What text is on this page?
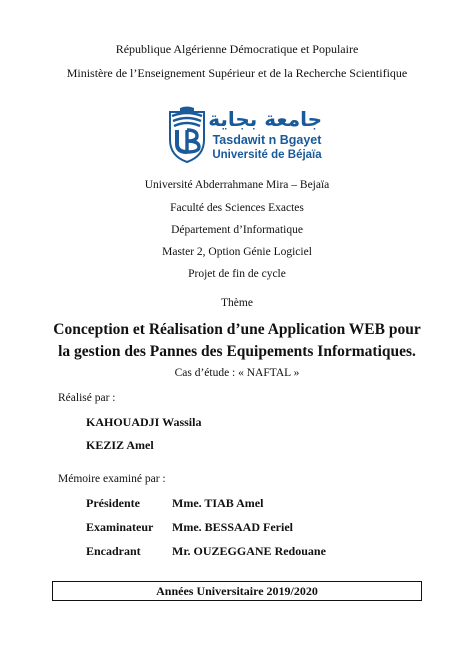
République Algérienne Démocratique et Populaire
Ministère de l’Enseignement Supérieur et de la Recherche Scientifique
جامعة بجاية
Tasdawit n Bgayet
Université de Béjaïa
Université Abderrahmane Mira – Bejaïa
Faculté des Sciences Exactes
Département d’Informatique
Master 2, Option Génie Logiciel
Projet de fin de cycle
Thème
Conception et Réalisation d’une Application WEB pour
la gestion des Pannes des Equipements Informatiques.
Cas d’étude : « NAFTAL »
Réalisé par :
KAHOUADJI Wassila
KEZIZ Amel
Mémoire examiné par :
Présidente	Mme. TIAB Amel
Examinateur Mme. BESSAAD Feriel
Encadrant	Mr. OUZEGGANE Redouane
Années Universitaire 2019/2020
